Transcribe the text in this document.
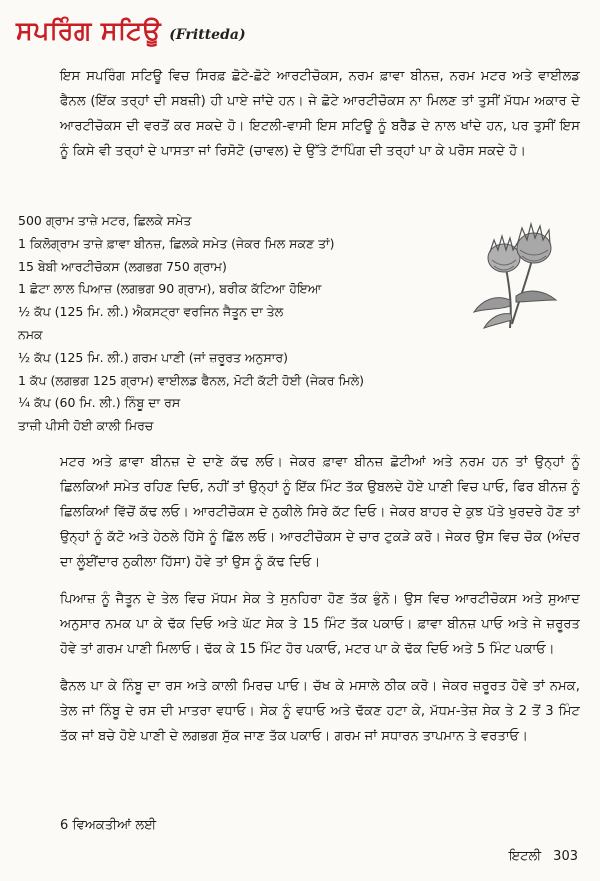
ਸਪਰਿੰਗ ਸਟਿਊ (Fritteda)

ਇਸ ਸਪਰਿੰਗ ਸਟਿਊ ਵਿਚ ਸਿਰਫ਼ ਛੋਟੇ-ਛੋਟੇ ਆਰਟੀਚੋਕਸ, ਨਰਮ ਫ਼ਾਵਾ ਬੀਨਜ਼, ਨਰਮ ਮਟਰ ਅਤੇ ਵਾਈਲਡ ਫੈਨਲ (ਇੱਕ ਤਰ੍ਹਾਂ ਦੀ ਸਬਜ਼ੀ) ਹੀ ਪਾਏ ਜਾਂਦੇ ਹਨ। ਜੇ ਛੋਟੇ ਆਰਟੀਚੋਕਸ ਨਾ ਮਿਲਣ ਤਾਂ ਤੁਸੀਂ ਮੱਧਮ ਅਕਾਰ ਦੇ ਆਰਟੀਚੋਕਸ ਦੀ ਵਰਤੋਂ ਕਰ ਸਕਦੇ ਹੋ। ਇਟਲੀ-ਵਾਸੀ ਇਸ ਸਟਿਊ ਨੂੰ ਬਰੈੱਡ ਦੇ ਨਾਲ ਖਾਂਦੇ ਹਨ, ਪਰ ਤੁਸੀਂ ਇਸ ਨੂੰ ਕਿਸੇ ਵੀ ਤਰ੍ਹਾਂ ਦੇ ਪਾਸਤਾ ਜਾਂ ਰਿਸੋਟੋ (ਚਾਵਲ) ਦੇ ਉੱਤੇ ਟਾੱਪਿੰਗ ਦੀ ਤਰ੍ਹਾਂ ਪਾ ਕੇ ਪਰੋਸ ਸਕਦੇ ਹੋ।

500 ਗ੍ਰਾਮ ਤਾਜ਼ੇ ਮਟਰ, ਛਿਲਕੇ ਸਮੇਤ
1 ਕਿਲੋਗ੍ਰਾਮ ਤਾਜ਼ੇ ਫ਼ਾਵਾ ਬੀਨਜ਼, ਛਿਲਕੇ ਸਮੇਤ (ਜੇਕਰ ਮਿਲ ਸਕਣ ਤਾਂ)
15 ਬੇਬੀ ਆਰਟੀਚੋਕਸ (ਲਗਭਗ 750 ਗ੍ਰਾਮ)
1 ਛੋਟਾ ਲਾਲ ਪਿਆਜ਼ (ਲਗਭਗ 90 ਗ੍ਰਾਮ), ਬਰੀਕ ਕੱਟਿਆ ਹੋਇਆ
½ ਕੱਪ (125 ਮਿ. ਲੀ.) ਐਕਸਟ੍ਰਾ ਵਰਜਿਨ ਜੈਤੂਨ ਦਾ ਤੇਲ
ਨਮਕ
½ ਕੱਪ (125 ਮਿ. ਲੀ.) ਗਰਮ ਪਾਣੀ (ਜਾਂ ਜ਼ਰੂਰਤ ਅਨੁਸਾਰ)
1 ਕੱਪ (ਲਗਭਗ 125 ਗ੍ਰਾਮ) ਵਾਈਲਡ ਫੈਨਲ, ਮੋਟੀ ਕੱਟੀ ਹੋਈ (ਜੇਕਰ ਮਿਲੇ)
¼ ਕੱਪ (60 ਮਿ. ਲੀ.) ਨਿੰਬੂ ਦਾ ਰਸ
ਤਾਜ਼ੀ ਪੀਸੀ ਹੋਈ ਕਾਲੀ ਮਿਰਚ

ਮਟਰ ਅਤੇ ਫ਼ਾਵਾ ਬੀਨਜ਼ ਦੇ ਦਾਣੇ ਕੱਢ ਲਓ। ਜੇਕਰ ਫ਼ਾਵਾ ਬੀਨਜ਼ ਛੋਟੀਆਂ ਅਤੇ ਨਰਮ ਹਨ ਤਾਂ ਉਨ੍ਹਾਂ ਨੂੰ ਛਿਲਕਿਆਂ ਸਮੇਤ ਰਹਿਣ ਦਿਓ, ਨਹੀਂ ਤਾਂ ਉਨ੍ਹਾਂ ਨੂੰ ਇੱਕ ਮਿੰਟ ਤੱਕ ਉਬਲਦੇ ਹੋਏ ਪਾਣੀ ਵਿਚ ਪਾਓ, ਫਿਰ ਬੀਨਜ਼ ਨੂੰ ਛਿਲਕਿਆਂ ਵਿੱਚੋਂ ਕੱਢ ਲਓ। ਆਰਟੀਚੋਕਸ ਦੇ ਨੁਕੀਲੇ ਸਿਰੇ ਕੱਟ ਦਿਓ। ਜੇਕਰ ਬਾਹਰ ਦੇ ਕੁਝ ਪੱਤੇ ਖੁਰਦਰੇ ਹੋਣ ਤਾਂ ਉਨ੍ਹਾਂ ਨੂੰ ਕੱਟੋ ਅਤੇ ਹੇਠਲੇ ਹਿੱਸੇ ਨੂੰ ਛਿੱਲ ਲਓ। ਆਰਟੀਚੋਕਸ ਦੇ ਚਾਰ ਟੁਕੜੇ ਕਰੋ। ਜੇਕਰ ਉਸ ਵਿਚ ਚੋਕ (ਅੰਦਰ ਦਾ ਲੂੰਈਂਦਾਰ ਨੁਕੀਲਾ ਹਿੱਸਾ) ਹੋਵੇ ਤਾਂ ਉਸ ਨੂੰ ਕੱਢ ਦਿਓ।

ਪਿਆਜ਼ ਨੂੰ ਜੈਤੂਨ ਦੇ ਤੇਲ ਵਿਚ ਮੱਧਮ ਸੇਕ ਤੇ ਸੁਨਹਿਰਾ ਹੋਣ ਤੱਕ ਭੁੰਨੋ। ਉਸ ਵਿਚ ਆਰਟੀਚੋਕਸ ਅਤੇ ਸੁਆਦ ਅਨੁਸਾਰ ਨਮਕ ਪਾ ਕੇ ਢੱਕ ਦਿਓ ਅਤੇ ਘੱਟ ਸੇਕ ਤੇ 15 ਮਿੰਟ ਤੱਕ ਪਕਾਓ। ਫ਼ਾਵਾ ਬੀਨਜ਼ ਪਾਓ ਅਤੇ ਜੇ ਜ਼ਰੂਰਤ ਹੋਵੇ ਤਾਂ ਗਰਮ ਪਾਣੀ ਮਿਲਾਓ। ਢੱਕ ਕੇ 15 ਮਿੰਟ ਹੋਰ ਪਕਾਓ, ਮਟਰ ਪਾ ਕੇ ਢੱਕ ਦਿਓ ਅਤੇ 5 ਮਿੰਟ ਪਕਾਓ।

ਫੈਨਲ ਪਾ ਕੇ ਨਿੰਬੂ ਦਾ ਰਸ ਅਤੇ ਕਾਲੀ ਮਿਰਚ ਪਾਓ। ਚੱਖ ਕੇ ਮਸਾਲੇ ਠੀਕ ਕਰੋ। ਜੇਕਰ ਜ਼ਰੂਰਤ ਹੋਵੇ ਤਾਂ ਨਮਕ, ਤੇਲ ਜਾਂ ਨਿੰਬੂ ਦੇ ਰਸ ਦੀ ਮਾਤਰਾ ਵਧਾਓ। ਸੇਕ ਨੂੰ ਵਧਾਓ ਅਤੇ ਢੱਕਣ ਹਟਾ ਕੇ, ਮੱਧਮ-ਤੇਜ਼ ਸੇਕ ਤੇ 2 ਤੋਂ 3 ਮਿੰਟ ਤੱਕ ਜਾਂ ਬਚੇ ਹੋਏ ਪਾਣੀ ਦੇ ਲਗਭਗ ਸੁੱਕ ਜਾਣ ਤੱਕ ਪਕਾਓ। ਗਰਮ ਜਾਂ ਸਧਾਰਨ ਤਾਪਮਾਨ ਤੇ ਵਰਤਾਓ।

6 ਵਿਅਕਤੀਆਂ ਲਈ
ਇਟਲੀ 303
